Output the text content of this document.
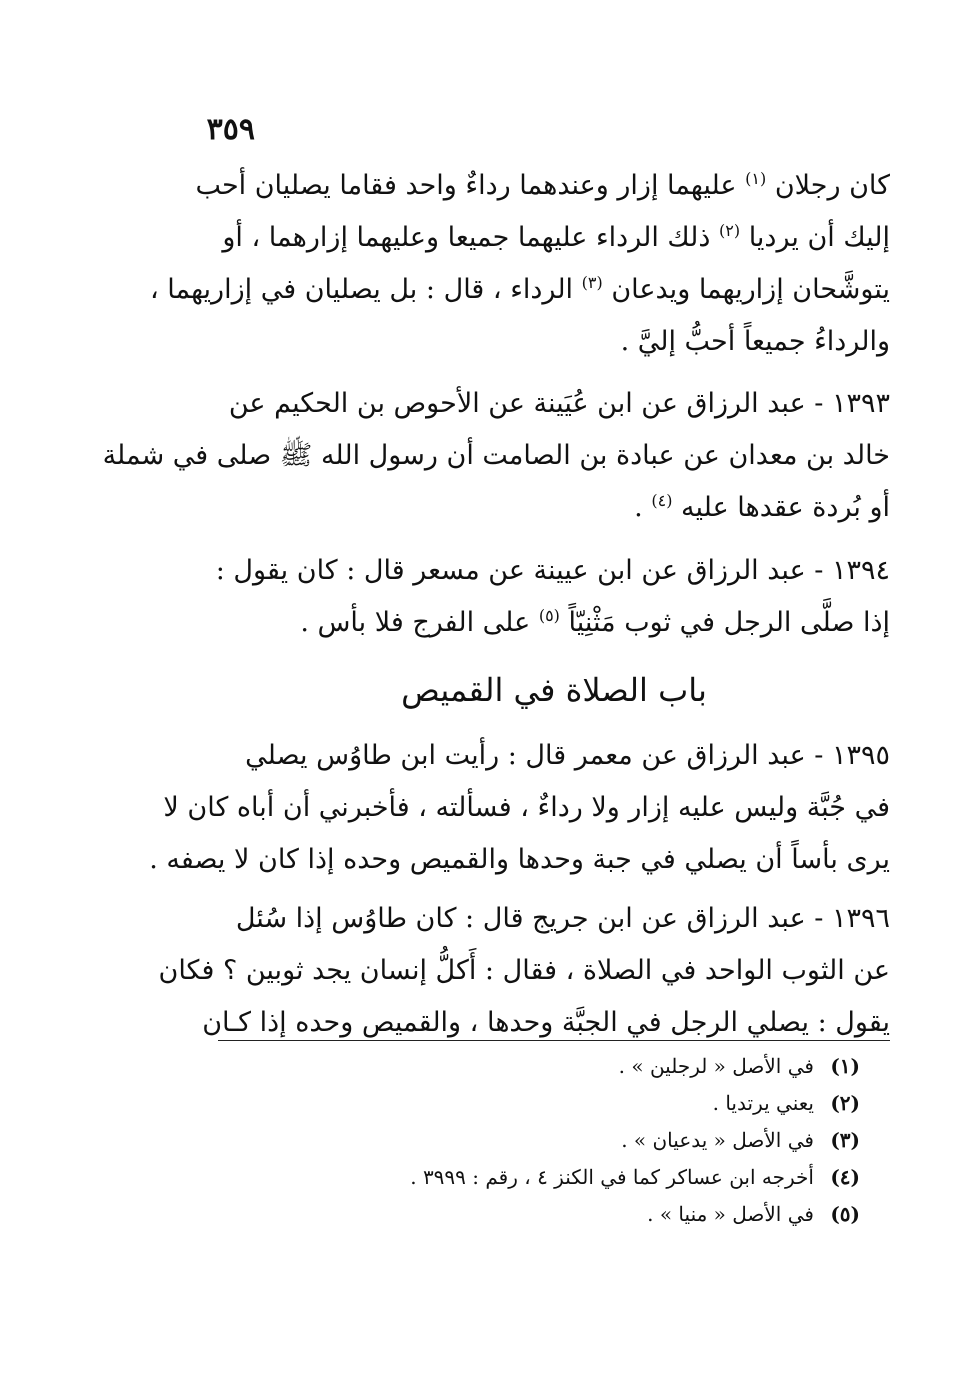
٣٥٩
كان رجلان $^{(١)}$ عليهما إزار وعندهما رداءٌ واحد فقاما يصليان أحب
إليك أن يرديا $^{(٢)}$ ذلك الرداء عليهما جميعا وعليهما إزارهما ، أو
يتوشَّحان إزاريهما ويدعان $^{(٣)}$ الرداء ، قال : بل يصليان في إزاريهما ،
والرداءُ جميعاً أحبُّ إليَّ .
١٣٩٣ - عبد الرزاق عن ابن عُيَينة عن الأحوص بن الحكيم عن
خالد بن معدان عن عبادة بن الصامت أن رسول الله ﷺ صلى في شملة
أو بُردة عقدها عليه $^{(٤)}$ .
١٣٩٤ - عبد الرزاق عن ابن عيينة عن مسعر قال : كان يقول :
إذا صلَّى الرجل في ثوب مَثْنِيّاً $^{(٥)}$ على الفرج فلا بأس .
باب الصلاة في القميص
١٣٩٥ - عبد الرزاق عن معمر قال : رأيت ابن طاوُس يصلي
في جُبَّة وليس عليه إزار ولا رداءٌ ، فسألته ، فأخبرني أن أباه كان لا
يرى بأساً أن يصلي في جبة وحدها والقميص وحده إذا كان لا يصفه .
١٣٩٦ - عبد الرزاق عن ابن جريج قال : كان طاوُس إذا سُئل
عن الثوب الواحد في الصلاة ، فقال : أَكلُّ إنسان يجد ثوبين ؟ فكان
يقول : يصلي الرجل في الجبَّة وحدها ، والقميص وحده إذا كـان
(١) في الأصل « لرجلين » .
(٢) يعني يرتديا .
(٣) في الأصل « يدعيان » .
(٤) أخرجه ابن عساكر كما في الكنز ٤ ، رقم : ٣٩٩٩ .
(٥) في الأصل « منيا » .
